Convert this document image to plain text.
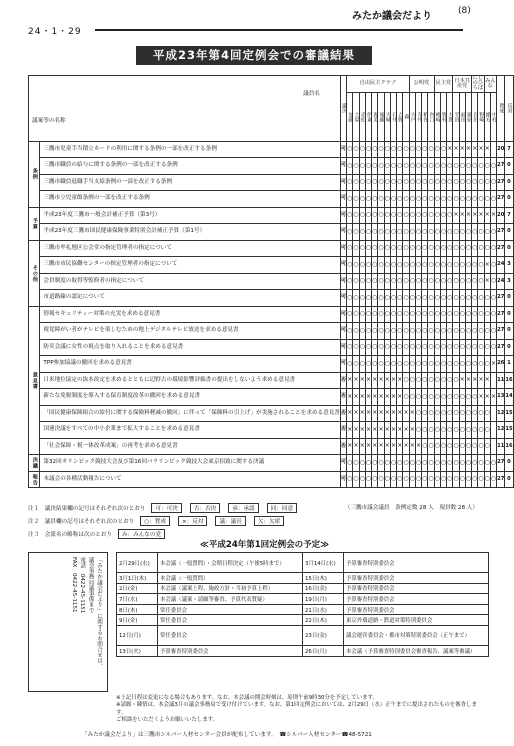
みたか議会だより	(8)
24・1・29
平成23年第4回定例会での審議結果
議員名
議案等の名称		議決	自由民主クラブ										公明党				民主党			日本共産党			にじのひろば		みんな		賛成	反対
			加藤	土屋	赤松	伊東	渥美	後藤	大城	石井	吉野	森	宍戸	寺井	粕谷	谷口	嶋崎	野村	大倉	半田	前田	栗原	岩田	野崎	緒方	中村		
条例	三鷹市児童手当積立カードの利用に関する条例の一部を改正する条例	可	○	○	○	○	○	○	○	○	○	○	○	○	○	○	○	○	×	×	×	×	×	×	×		20	7
	三鷹市職員の給与に関する条例の一部を改正する条例	可	○	○	○	○	○	○	○	○	○	○	○	○	○	○	○	○	○	○	○	○	○	○	○	○	27	0
	三鷹市職員退職手当支給条例の一部を改正する条例	可	○	○	○	○	○	○	○	○	○	○	○	○	○	○	○	○	○	○	○	○	○	○	○	○	27	0
	三鷹市立児童館条例の一部を改正する条例	可	○	○	○	○	○	○	○	○	○	○	○	○	○	○	○	○	○	○	○	○	○	○	○	○	27	0
予算	平成23年度三鷹市一般会計補正予算（第3号）	可	○	○	○	○	○	○	○	○	○	○	○	○	○	○	○	○	○	×	×	×	×	×	×	×	20	7
	平成23年度三鷹市国民健康保険事業特別会計補正予算（第1号）	可	○	○	○	○	○	○	○	○	○	○	○	○	○	○	○	○	○	○	○	○	○	○	○	○	27	0
その他	三鷹市牟礼地区公会堂の指定管理者の指定について	可	○	○	○	○	○	○	○	○	○	○	○	○	○	○	○	○	○	○	○	○	○	○	○	○	27	0
	三鷹市市民協働センターの指定管理者の指定について	可	○	○	○	○	○	○	○	○	○	○	○	○	○	○	○	○	○	○	○	○	○	○	×	○	24	3
	会員制度の取得等監修者の指定について	可	○	○	○	○	○	○	○	○	○	○	○	○	○	○	○	○	○	○	○	○	○	○	×	○	24	3
	市道路線の認定について	可	○	○	○	○	○	○	○	○	○	○	○	○	○	○	○	○	○	○	○	○	○	○	○	○	27	0
意見書	情報セキュリティー対策の充実を求める意見書	可	○	○	○	○	○	○	○	○	○	○	○	○	○	○	○	○	○	○	○	○	○	○	○	○	27	0
	視覚障がい者がテレビを楽しむための地上デジタルテレビ放送を求める意見書	可	○	○	○	○	○	○	○	○	○	○	○	○	○	○	○	○	○	○	○	○	○	○	○	○	27	0
	防災会議に女性の視点を取り入れることを求める意見書	可	○	○	○	○	○	○	○	○	○	○	○	○	○	○	○	○	○	○	○	○	○	○	○	○	27	0
	TPP参加協議の撤回を求める意見書	可	○	○	○	○	○	○	○	○	○	○	○	○	○	○	○	○	○	○	○	○	○	○	○	×	26	1
	日米地位協定の抜本改定を求めるとともに辺野古の環境影響評価書の提出をしないよう求める意見書	否	×	×	×	×	×	×	×	×	×	○	○	○	○	○	○	○	○	○	×	×	×	×	×		11	16
	新たな免税制度を導入する保育制度改革の撤回を求める意見書	否	×	×	×	×	×	×	×	×	×	○	○	○	○	○	○	○	○	○	○	○	○	×	×	×	13	14
	「国民健康保険組合の給付に関する保険料軽減の撤回」に伴って「保険料の引上げ」が実施されることを求める意見書	否	×	×	×	×	×	×	×	×	×	×	×	○	○	○	○	○	○	○	○	○	○	○	○		12	15
	国連決議をすべての中小企業まで拡大することを求める意見書	否	×	×	×	×	×	×	×	×	×	×	×	○	○	○	○	○	○	○	○	○	○	○	○		12	15
	「社会保障・税一体改革成案」の再考を求める意見書	否	×	×	×	×	×	×	×	×	×	×	×	×	○	○	○	○	○	○	○	○	○	○	○		11	16
決議	第32回オリンピック競技大会及び第16回パラリンピック競技大会東京招致に関する決議	可	○	○	○	○	○	○	○	○	○	○	○	○	○	○	○	○	○	○	○	○	○	○	○	○	27	0
報告	本議会の各種活動報告について	可	○	○	○	○	○	○	○	○	○	○	○	○	○	○	○	○	○	○	○	○	○	○	○	○	27	0
（三鷹市議会議員　条例定数 28 人　現員数 28 人）
注１　議決結果欄の記号はそれぞれ次のとおり	可：可決	否：否決	承：承認	同：同意
注２　議員欄の記号はそれぞれ次のとおり	○：賛成	×：反対	議：議長	欠：欠席
注３　会派名の略称は次のとおり	み：みんなの党
「みたか議会だより」に関するお問合せは、
議会事務局議事係まで
電話　0422-45-1151
FAX　0422-45-1151
≪平成24年第1回定例会の予定≫
2月29日(水)	本会議（一般質問）・会期日程決定（午後5時まで）	3月14日(水)	予算審査特別委員会
3月1日(木)	本会議（一般質問）	15日(木)	予算審査特別委員会
2日(金)	本会議（議案上程、施政方針・当初予算上程）	16日(金)	予算審査特別委員会
7日(水)	本会議（議案・請願等審査、予算代表質疑）	19日(月)	予算審査特別委員会
8日(木)	常任委員会	21日(水)	予算審査特別委員会
9日(金)	常任委員会	22日(木)	東京外環道路・鉄道対策特別委員会
12日(月)	常任委員会	23日(金)	議会運営委員会・都市対策特別委員会（正午まで）
13日(火)	予算審査特別委員会	26日(月)	本会議（予算審査特別委員会審査報告、議案等審議）
※上記日程は変更になる場合もあります。なお、本会議の開会時刻は、原則午前9時30分を予定しています。
※請願・陳情は、本会議3月の議会事務局で受け付けています。なお、第1回定例会においては、2月29日（水）正午までに提出されたものを審査します。
ご相談をいただくようお願いいたします。
「みたか議会だより」は三鷹市シルバー人材センター会員が配布しています。　☎シルバー人材センター☎48-5721
